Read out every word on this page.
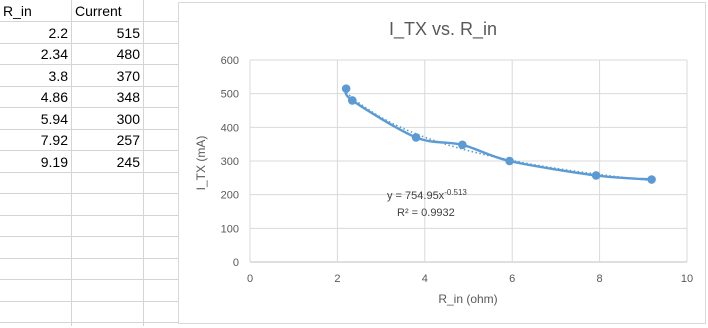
R_in	Current
2.2	515
2.34	480
3.8	370
4.86	348
5.94	300
7.92	257
9.19	245
I_TX vs. R_in
0
100
200
300
400
500
600
0	2	4	6	8	10
R_in (ohm)
I_TX (mA)
$y = 754.95x^{-0.513}$
R² = 0.9932
